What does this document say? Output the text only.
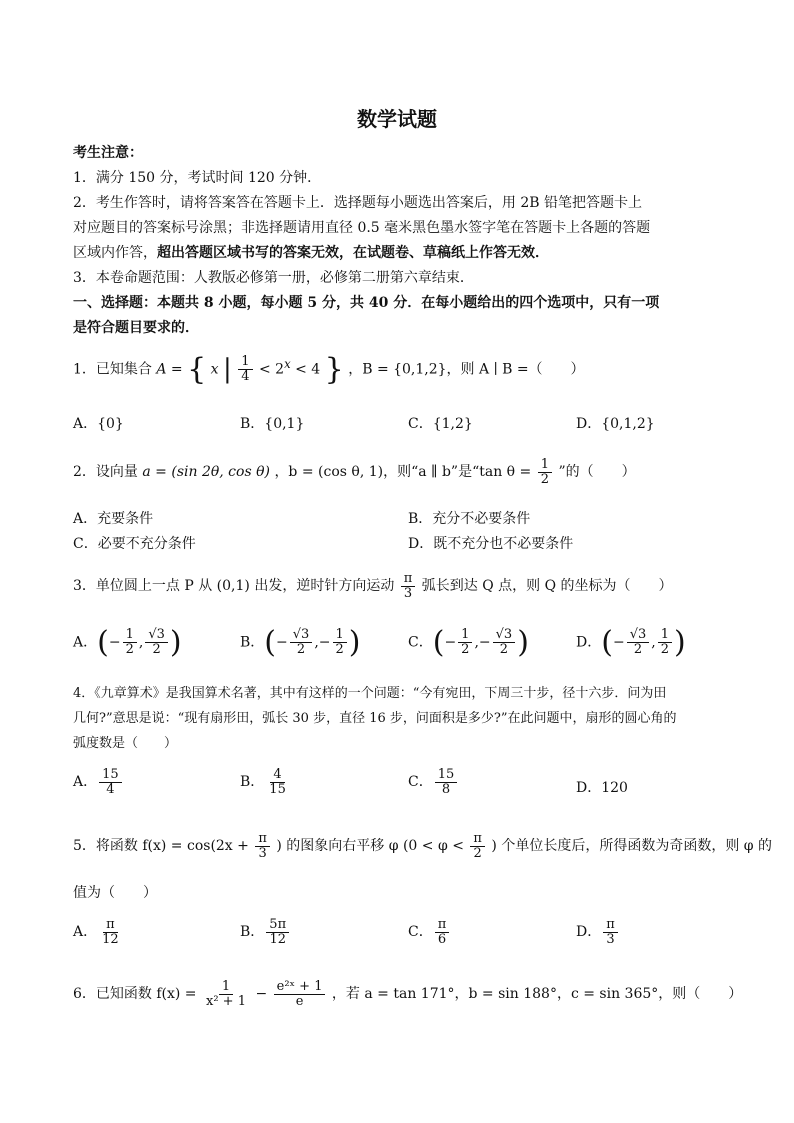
数学试题
考生注意：
1．满分 150 分，考试时间 120 分钟．
2．考生作答时，请将答案答在答题卡上．选择题每小题选出答案后，用 2B 铅笔把答题卡上
对应题目的答案标号涂黑；非选择题请用直径 0.5 毫米黑色墨水签字笔在答题卡上各题的答题
区域内作答，超出答题区域书写的答案无效，在试题卷、草稿纸上作答无效．
3．本卷命题范围：人教版必修第一册，必修第二册第六章结束．
一、选择题：本题共 8 小题，每小题 5 分，共 40 分．在每小题给出的四个选项中，只有一项
是符合题目要求的．
1．已知集合 A = { x | $\frac{1}{4} < 2^x < 4$ } ，B = {0,1,2}，则 A ∣ B =（　　）
A．{0}	B．{0,1}	C．{1,2}	D．{0,1,2}
2．设向量 a = (sin 2θ, cos θ) ，b = (cos θ, 1)，则“a ∥ b”是“tan $\theta = \frac{1}{2}$ ”的（　　）
A．充要条件	B．充分不必要条件
C．必要不充分条件	D．既不充分也不必要条件
3．单位圆上一点 P 从 (0,1) 出发，逆时针方向运动 $\frac{\pi}{3}$ 弧长到达 Q 点，则 Q 的坐标为（　　）
A．(− $\frac{1}{2}$ , $\frac{√3}{2}$ )	B．(− $\frac{√3}{2}$ ,− $\frac{1}{2}$ )	C．(− $\frac{1}{2}$ ,− $\frac{√3}{2}$ )	D．(− $\frac{√3}{2}$ , $\frac{1}{2}$ )
4．《九章算术》是我国算术名著，其中有这样的一个问题：“今有宛田，下周三十步，径十六步．问为田
几何?”意思是说：“现有扇形田，弧长 30 步，直径 16 步，问面积是多少?”在此问题中，扇形的圆心角的
弧度数是（　　）
A． $\frac{15}{4}$	B． $\frac{4}{15}$	C． $\frac{15}{8}$	D．120
5．将函数 $f(x) = \cos(2x + \frac{\pi}{3}$ ) 的图象向右平移 φ ($0 < \varphi < \frac{\pi}{2}$ ) 个单位长度后，所得函数为奇函数，则 φ 的
值为（　　）
A． $\frac{\pi}{12}$	B． $\frac{5\pi}{12}$	C． $\frac{\pi}{6}$	D． $\frac{\pi}{3}$
6．已知函数 $f(x) = \frac{1}{\text{x² + 1}} - \frac{\text{e²ˣ + 1}}{e}$ ，若 a = tan 171°，b = sin 188°，c = sin 365°，则（　　）
